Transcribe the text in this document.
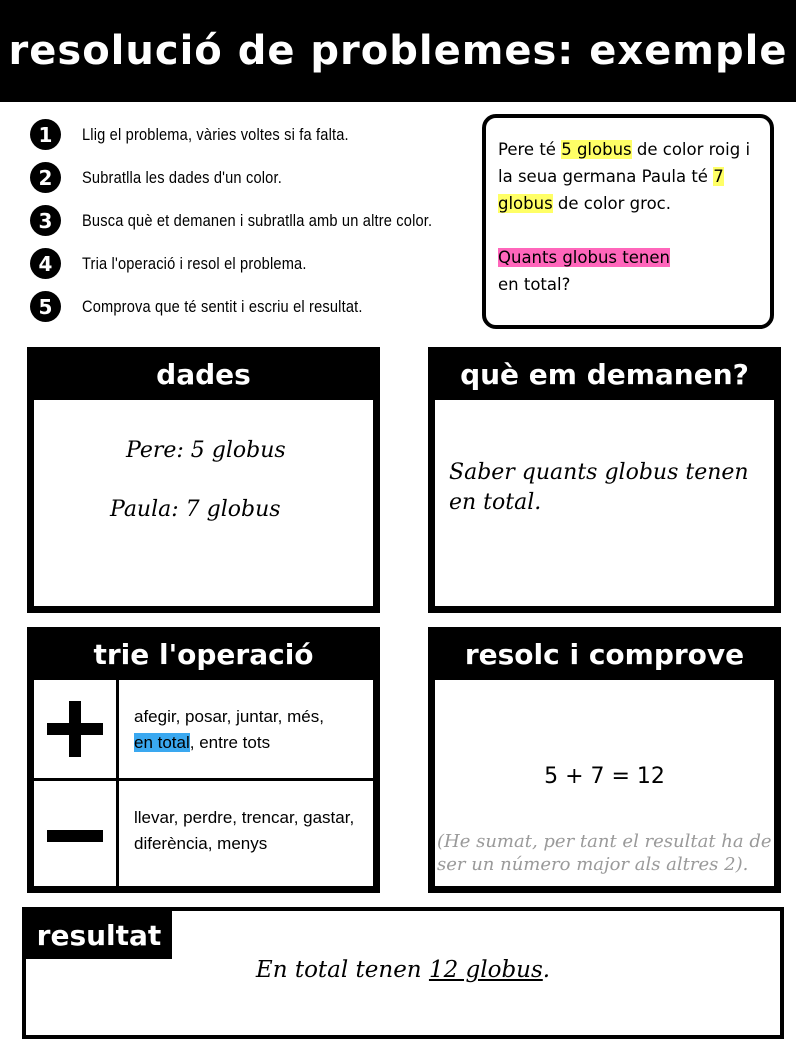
resolució de problemes: exemple
1	Llig el problema, vàries voltes si fa falta.
2	Subratlla les dades d'un color.
3	Busca què et demanen i subratlla amb un altre color.
4	Tria l'operació i resol el problema.
5	Comprova que té sentit i escriu el resultat.
Pere té 5 globus de color roig i la seua germana Paula té 7 globus de color groc.
Quants globus tenen
en total?
dades
Pere: 5 globus
Paula: 7 globus
què em demanen?
Saber quants globus tenen en total.
trie l'operació
afegir, posar, juntar, més,
en total, entre tots
llevar, perdre, trencar, gastar, diferència, menys
resolc i comprove
5 + 7 = 12
(He sumat, per tant el resultat ha de ser un número major als altres 2).
resultat
En total tenen 12 globus.
